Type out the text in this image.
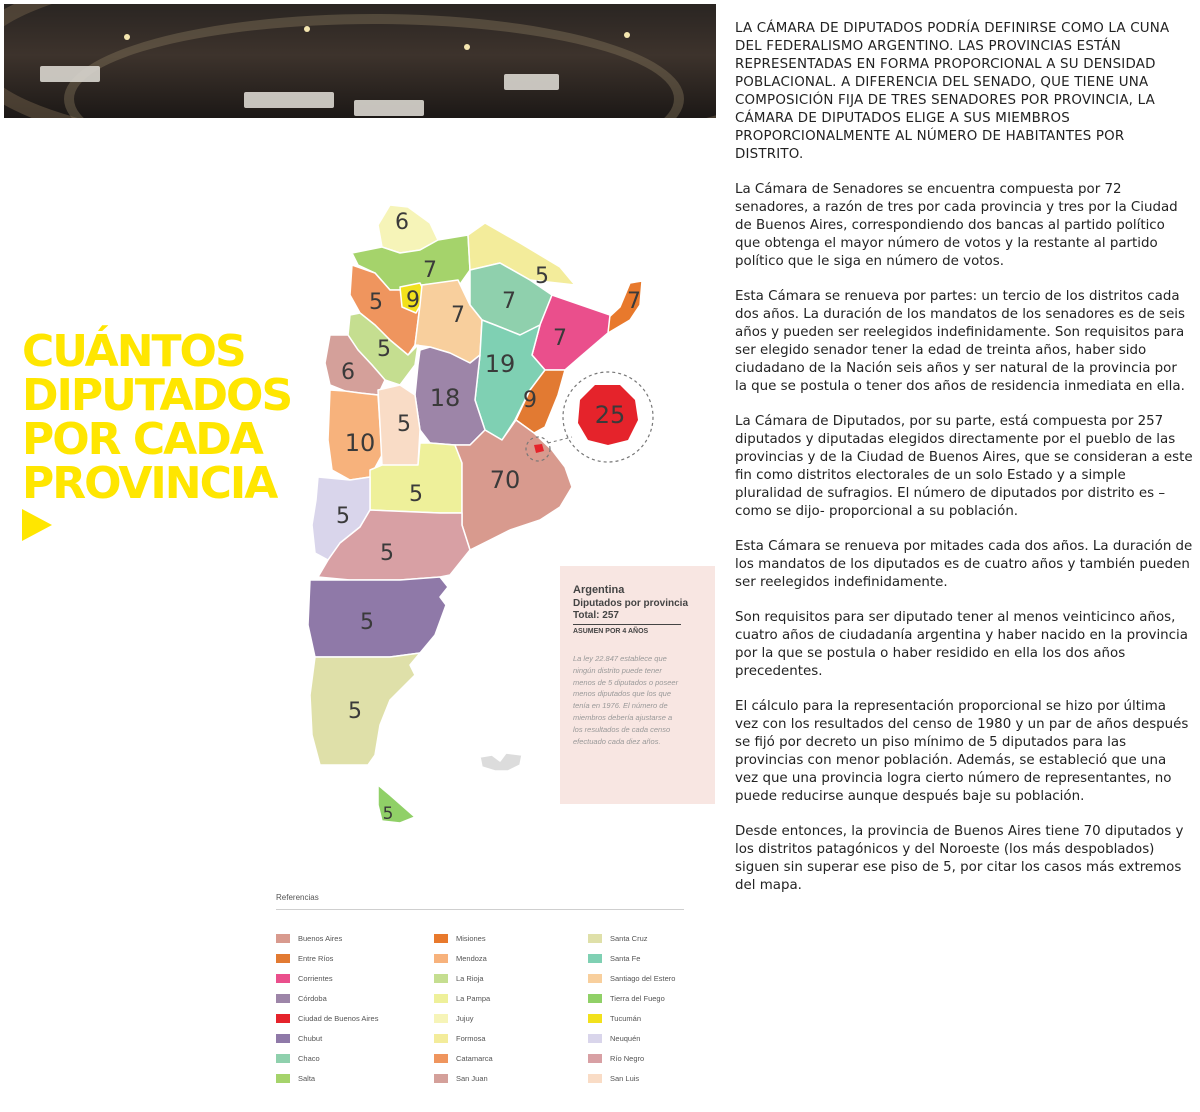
CUÁNTOS
DIPUTADOS
POR CADA
PROVINCIA
6
7	5
5 9
7
7	7
5	7
6
18
19
9
25
10
5
70
5
5
5
5
5
5
Argentina
Diputados por provincia
Total: 257
ASUMEN POR 4 AÑOS
La ley 22.847 establece que ningún distrito puede tener menos de 5 diputados o poseer menos diputados que los que tenía en 1976. El número de miembros debería ajustarse a los resultados de cada censo efectuado cada diez años.
Referencias
Buenos Aires
Entre Ríos
Corrientes
Córdoba
Ciudad de Buenos Aires
Chubut
Chaco
Salta
Misiones
Mendoza
La Rioja
La Pampa
Jujuy
Formosa
Catamarca
San Juan
Santa Cruz
Santa Fe
Santiago del Estero
Tierra del Fuego
Tucumán
Neuquén
Río Negro
San Luis

LA CÁMARA DE DIPUTADOS PODRÍA DEFINIRSE COMO LA CUNA DEL FEDERALISMO ARGENTINO. LAS PROVINCIAS ESTÁN REPRESENTADAS EN FORMA PROPORCIONAL A SU DENSIDAD POBLACIONAL. A DIFERENCIA DEL SENADO, QUE TIENE UNA COMPOSICIÓN FIJA DE TRES SENADORES POR PROVINCIA, LA CÁMARA DE DIPUTADOS ELIGE A SUS MIEMBROS PROPORCIONALMENTE AL NÚMERO DE HABITANTES POR DISTRITO.

La Cámara de Senadores se encuentra compuesta por 72 senadores, a razón de tres por cada provincia y tres por la Ciudad de Buenos Aires, correspondiendo dos bancas al partido político que obtenga el mayor número de votos y la restante al partido político que le siga en número de votos.

Esta Cámara se renueva por partes: un tercio de los distritos cada dos años. La duración de los mandatos de los senadores es de seis años y pueden ser reelegidos indefinidamente. Son requisitos para ser elegido senador tener la edad de treinta años, haber sido ciudadano de la Nación seis años y ser natural de la provincia por la que se postula o tener dos años de residencia inmediata en ella.

La Cámara de Diputados, por su parte, está compuesta por 257 diputados y diputadas elegidos directamente por el pueblo de las provincias y de la Ciudad de Buenos Aires, que se consideran a este fin como distritos electorales de un solo Estado y a simple pluralidad de sufragios. El número de diputados por distrito es –como se dijo- proporcional a su población.

Esta Cámara se renueva por mitades cada dos años. La duración de los mandatos de los diputados es de cuatro años y también pueden ser reelegidos indefinidamente.

Son requisitos para ser diputado tener al menos veinticinco años, cuatro años de ciudadanía argentina y haber nacido en la provincia por la que se postula o haber residido en ella los dos años precedentes.

El cálculo para la representación proporcional se hizo por última vez con los resultados del censo de 1980 y un par de años después se fijó por decreto un piso mínimo de 5 diputados para las provincias con menor población. Además, se estableció que una vez que una provincia logra cierto número de representantes, no puede reducirse aunque después baje su población.

Desde entonces, la provincia de Buenos Aires tiene 70 diputados y los distritos patagónicos y del Noroeste (los más despoblados) siguen sin superar ese piso de 5, por citar los casos más extremos del mapa.
